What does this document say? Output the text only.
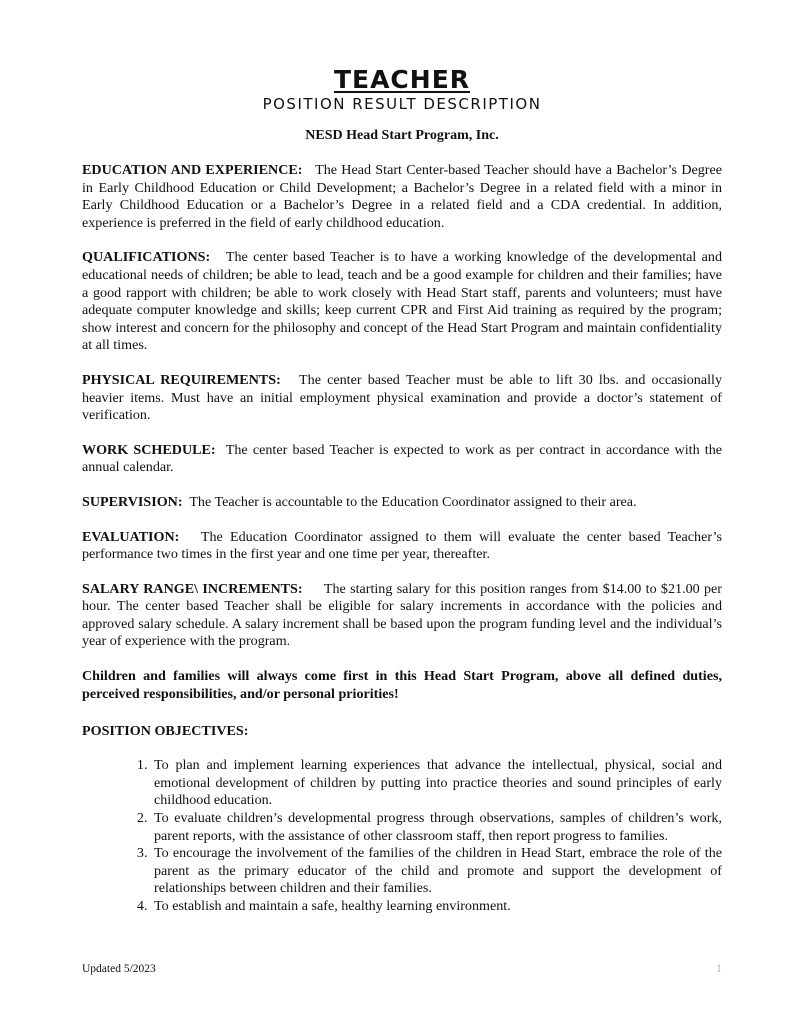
TEACHER
POSITION RESULT DESCRIPTION
NESD Head Start Program, Inc.

EDUCATION AND EXPERIENCE: The Head Start Center-based Teacher should have a Bachelor’s Degree in Early Childhood Education or Child Development; a Bachelor’s Degree in a related field with a minor in Early Childhood Education or a Bachelor’s Degree in a related field and a CDA credential. In addition, experience is preferred in the field of early childhood education.

QUALIFICATIONS: The center based Teacher is to have a working knowledge of the developmental and educational needs of children; be able to lead, teach and be a good example for children and their families; have a good rapport with children; be able to work closely with Head Start staff, parents and volunteers; must have adequate computer knowledge and skills; keep current CPR and First Aid training as required by the program; show interest and concern for the philosophy and concept of the Head Start Program and maintain confidentiality at all times.

PHYSICAL REQUIREMENTS: The center based Teacher must be able to lift 30 lbs. and occasionally heavier items. Must have an initial employment physical examination and provide a doctor’s statement of verification.

WORK SCHEDULE: The center based Teacher is expected to work as per contract in accordance with the annual calendar.

SUPERVISION: The Teacher is accountable to the Education Coordinator assigned to their area.

EVALUATION: The Education Coordinator assigned to them will evaluate the center based Teacher’s performance two times in the first year and one time per year, thereafter.

SALARY RANGE\ INCREMENTS: The starting salary for this position ranges from $14.00 to $21.00 per hour. The center based Teacher shall be eligible for salary increments in accordance with the policies and approved salary schedule. A salary increment shall be based upon the program funding level and the individual’s year of experience with the program.

Children and families will always come first in this Head Start Program, above all defined duties, perceived responsibilities, and/or personal priorities!

POSITION OBJECTIVES:
1. To plan and implement learning experiences that advance the intellectual, physical, social and emotional development of children by putting into practice theories and sound principles of early childhood education.
2. To evaluate children’s developmental progress through observations, samples of children’s work, parent reports, with the assistance of other classroom staff, then report progress to families.
3. To encourage the involvement of the families of the children in Head Start, embrace the role of the parent as the primary educator of the child and promote and support the development of relationships between children and their families.
4. To establish and maintain a safe, healthy learning environment.
Updated 5/2023	1
